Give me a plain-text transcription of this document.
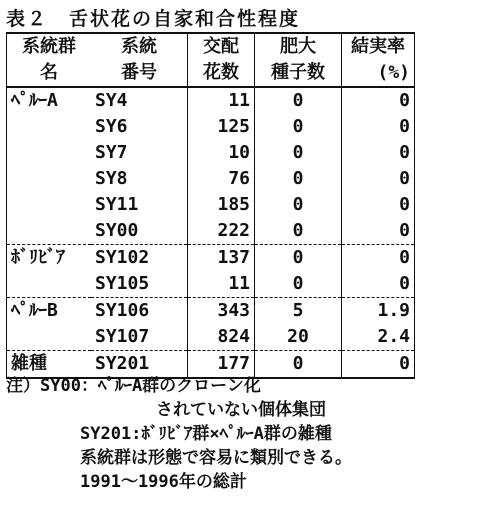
表２　舌状花の自家和合性程度
系統群	系統	交配	肥大	結実率
名	番号	花数	種子数	(%)
ﾍﾟﾙｰA	SY4	11	0	0
	SY6	125	0	0
	SY7	10	0	0
	SY8	76	0	0
	SY11	185	0	0
	SY00	222	0	0
ﾎﾞﾘﾋﾞｱ	SY102	137	0	0
	SY105	11	0	0
ﾍﾟﾙｰB	SY106	343	5	1.9
	SY107	824	20	2.4
雑種	SY201	177	0	0
注）SY00：ﾍﾟﾙｰA群のクローン化
されていない個体集団
SY201:ﾎﾞﾘﾋﾞｱ群×ﾍﾟﾙｰA群の雑種
系統群は形態で容易に類別できる。
1991～1996年の総計
